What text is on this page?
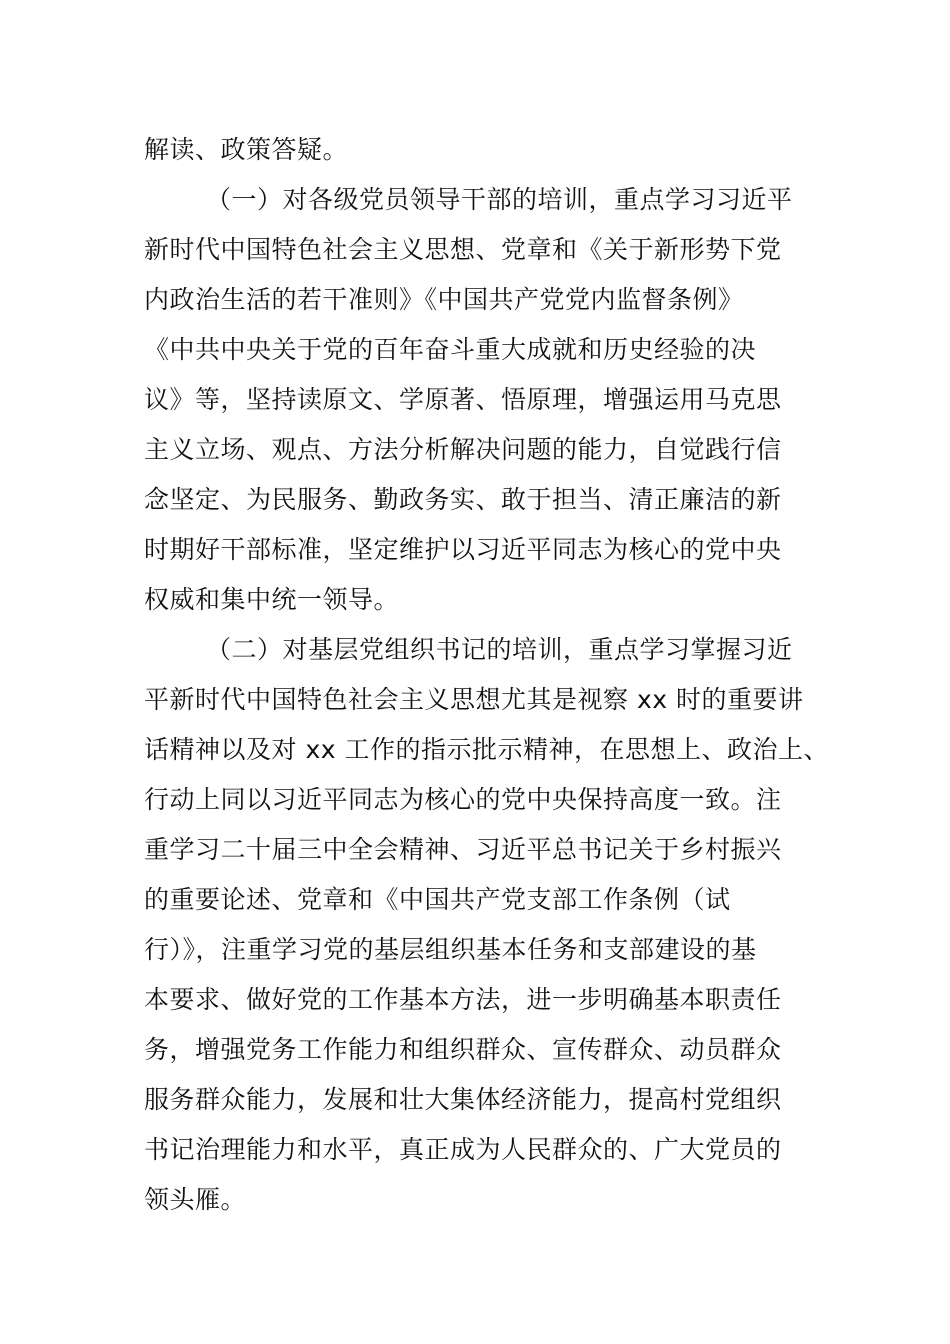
解读、政策答疑。
（一）对各级党员领导干部的培训，重点学习习近平
新时代中国特色社会主义思想、党章和《关于新形势下党
内政治生活的若干准则》《中国共产党党内监督条例》
《中共中央关于党的百年奋斗重大成就和历史经验的决
议》等，坚持读原文、学原著、悟原理，增强运用马克思
主义立场、观点、方法分析解决问题的能力，自觉践行信
念坚定、为民服务、勤政务实、敢于担当、清正廉洁的新
时期好干部标准，坚定维护以习近平同志为核心的党中央
权威和集中统一领导。
（二）对基层党组织书记的培训，重点学习掌握习近
平新时代中国特色社会主义思想尤其是视察 xx 时的重要讲
话精神以及对 xx 工作的指示批示精神，在思想上、政治上、
行动上同以习近平同志为核心的党中央保持高度一致。注
重学习二十届三中全会精神、习近平总书记关于乡村振兴
的重要论述、党章和《中国共产党支部工作条例（试
行）》，注重学习党的基层组织基本任务和支部建设的基
本要求、做好党的工作基本方法，进一步明确基本职责任
务，增强党务工作能力和组织群众、宣传群众、动员群众
服务群众能力，发展和壮大集体经济能力，提高村党组织
书记治理能力和水平，真正成为人民群众的、广大党员的
领头雁。
